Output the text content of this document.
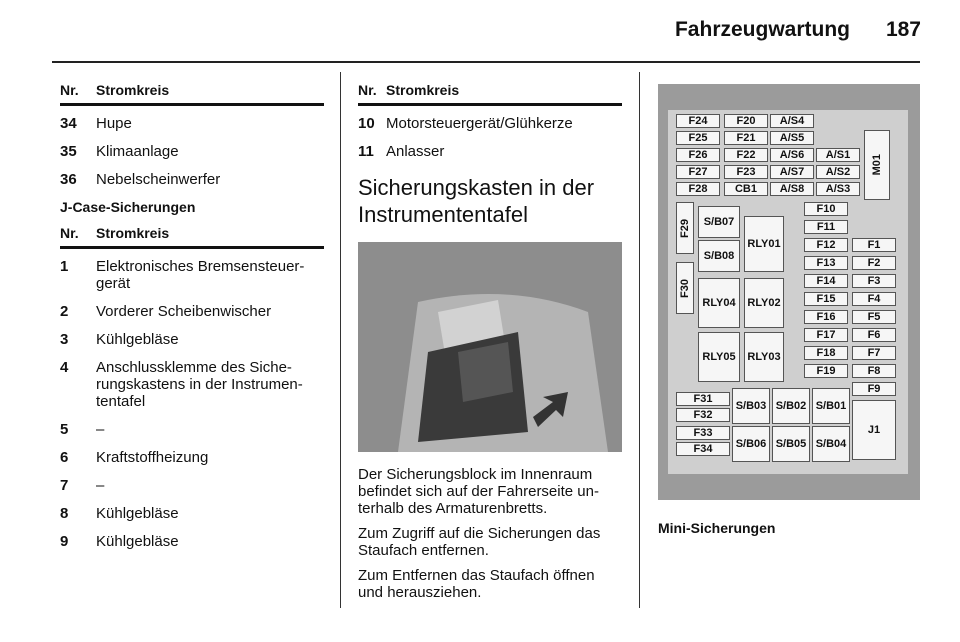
Fahrzeugwartung 187
Nr.	Stromkreis
34	Hupe
35	Klimaanlage
36	Nebelscheinwerfer
J-Case-Sicherungen
Nr.	Stromkreis
1	Elektronisches Bremsensteuer-gerät
2	Vorderer Scheibenwischer
3	Kühlgebläse
4	Anschlussklemme des Siche-rungskastens in der Instrumen-tentafel
5	–
6	Kraftstoffheizung
7	–
8	Kühlgebläse
9	Kühlgebläse
Nr. Stromkreis
10 Motorsteuergerät/Glühkerze
11 Anlasser
Sicherungskasten in der Instrumententafel
Der Sicherungsblock im Innenraum befindet sich auf der Fahrerseite un-terhalb des Armaturenbretts.
Zum Zugriff auf die Sicherungen das Staufach entfernen.
Zum Entfernen das Staufach öffnen und herausziehen.
F24	F20 A/S4
F25	F21 A/S5
F26	F22 A/S6 A/S1
F27	F23 A/S7 A/S2
F28	CB1 A/S8 A/S3
M01
F29 S/B07
S/B08
RLY01
F10
F11
F12	F1
F13	F2
F30
RLY04 RLY02
F14	F3
F15	F4
F16	F5
RLY05 RLY03
F17	F6
F18	F7
F19	F8
F9
F31
F32
S/B03 S/B02 S/B01
F33
F34 S/B06 S/B05 S/B04
J1
Mini-Sicherungen
